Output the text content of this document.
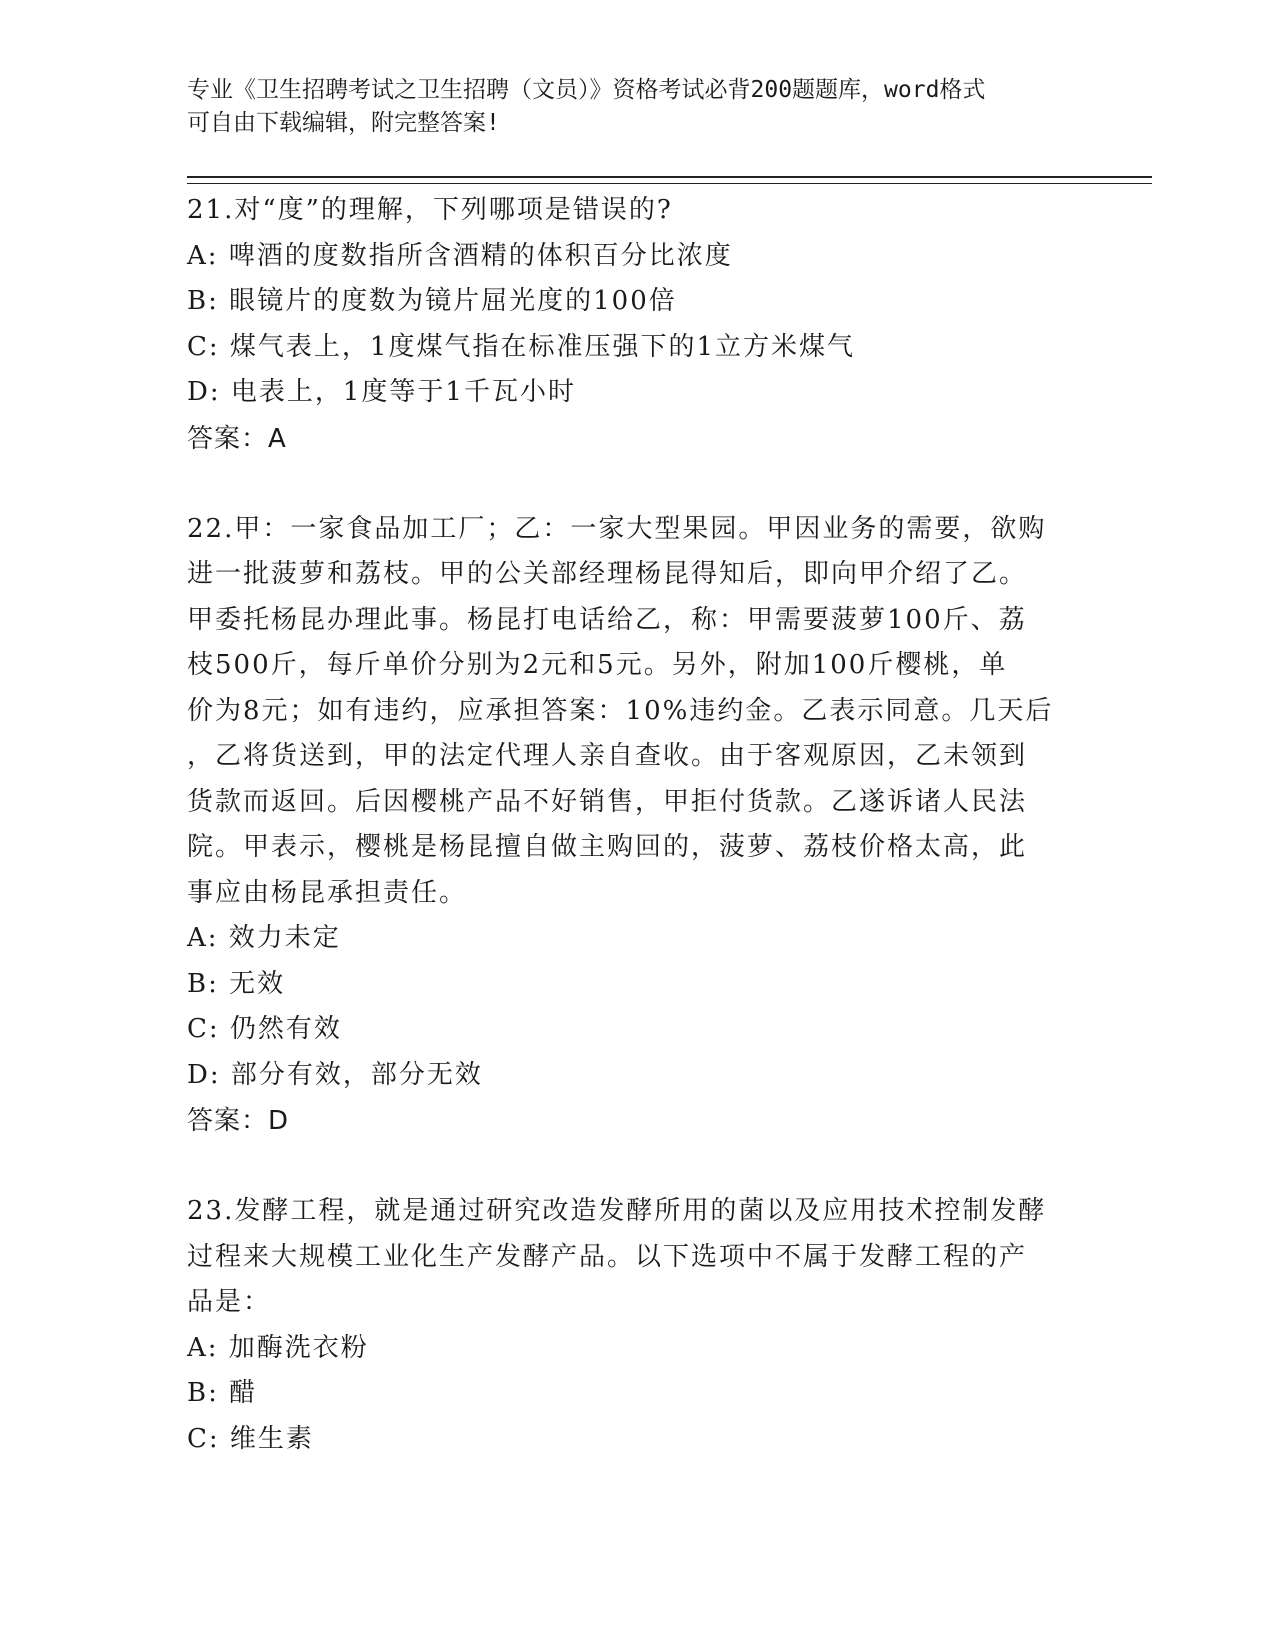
专业《卫生招聘考试之卫生招聘（文员）》资格考试必背200题题库，word格式
可自由下载编辑，附完整答案!
21.对“度”的理解，下列哪项是错误的?
A: 啤酒的度数指所含酒精的体积百分比浓度
B: 眼镜片的度数为镜片屈光度的100倍
C: 煤气表上，1度煤气指在标准压强下的1立方米煤气
D: 电表上，1度等于1千瓦小时
答案：A
22.甲：一家食品加工厂；乙：一家大型果园。甲因业务的需要，欲购
进一批菠萝和荔枝。甲的公关部经理杨昆得知后，即向甲介绍了乙。
甲委托杨昆办理此事。杨昆打电话给乙，称：甲需要菠萝100斤、荔
枝500斤，每斤单价分别为2元和5元。另外，附加100斤樱桃，单
价为8元；如有违约，应承担答案：10%违约金。乙表示同意。几天后
，乙将货送到，甲的法定代理人亲自查收。由于客观原因，乙未领到
货款而返回。后因樱桃产品不好销售，甲拒付货款。乙遂诉诸人民法
院。甲表示，樱桃是杨昆擅自做主购回的，菠萝、荔枝价格太高，此
事应由杨昆承担责任。
A: 效力未定
B: 无效
C: 仍然有效
D: 部分有效，部分无效
答案：D
23.发酵工程，就是通过研究改造发酵所用的菌以及应用技术控制发酵
过程来大规模工业化生产发酵产品。以下选项中不属于发酵工程的产
品是：
A: 加酶洗衣粉
B: 醋
C: 维生素
